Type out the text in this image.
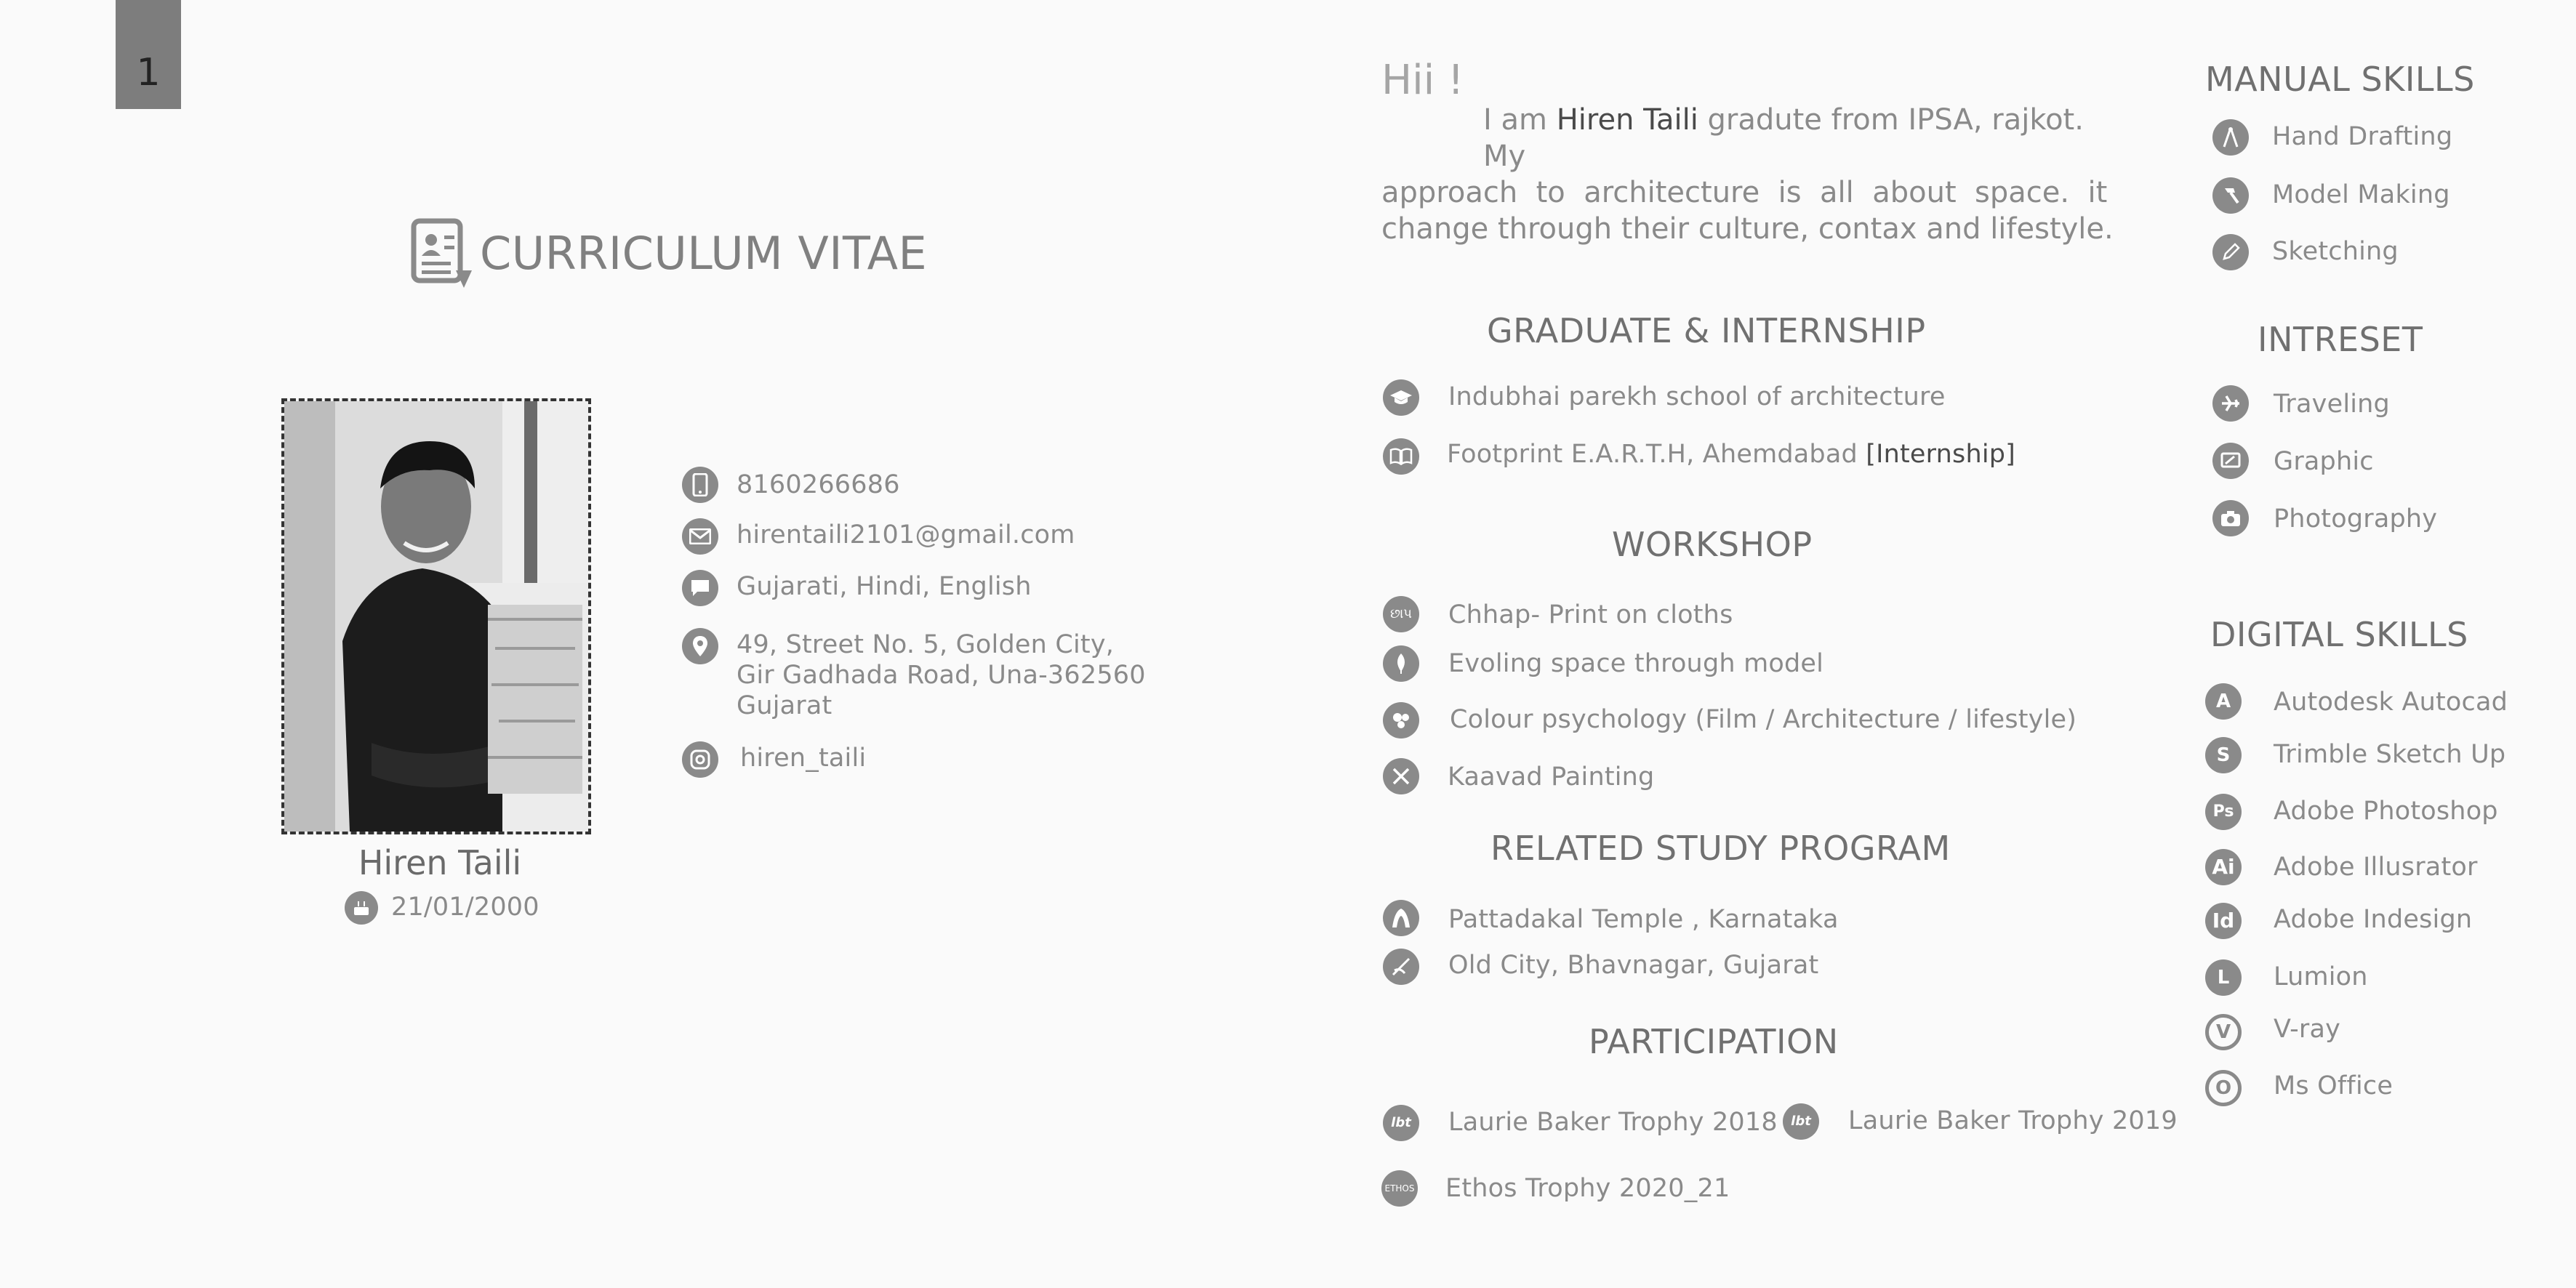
1
CURRICULUM VITAE
Hiren Taili
21/01/2000
8160266686
hirentaili2101@gmail.com
Gujarati, Hindi, English
49, Street No. 5, Golden City,
Gir Gadhada Road, Una-362560
Gujarat
hiren_taili
Hii !
I am Hiren Taili gradute from IPSA, rajkot. My
approach  to  architecture  is  all  about  space.  it
change through their culture, contax and lifestyle.
GRADUATE & INTERNSHIP
Indubhai parekh school of architecture
Footprint E.A.R.T.H, Ahemdabad [Internship]
WORKSHOP
છાપ Chhap- Print on cloths
Evoling space through model
Colour psychology (Film / Architecture / lifestyle)
Kaavad Painting
RELATED STUDY PROGRAM
Pattadakal Temple , Karnataka
Old City, Bhavnagar, Gujarat
PARTICIPATION
lbt Laurie Baker Trophy 2018 lbt Laurie Baker Trophy 2019
ETHOS Ethos Trophy 2020_21
MANUAL SKILLS
Hand Drafting
Model Making
Sketching
INTRESET
Traveling
Graphic
Photography
DIGITAL SKILLS
A Autodesk Autocad
S Trimble Sketch Up
Ps Adobe Photoshop
Ai Adobe Illusrator
Id Adobe Indesign
L Lumion
V V-ray
O Ms Office
